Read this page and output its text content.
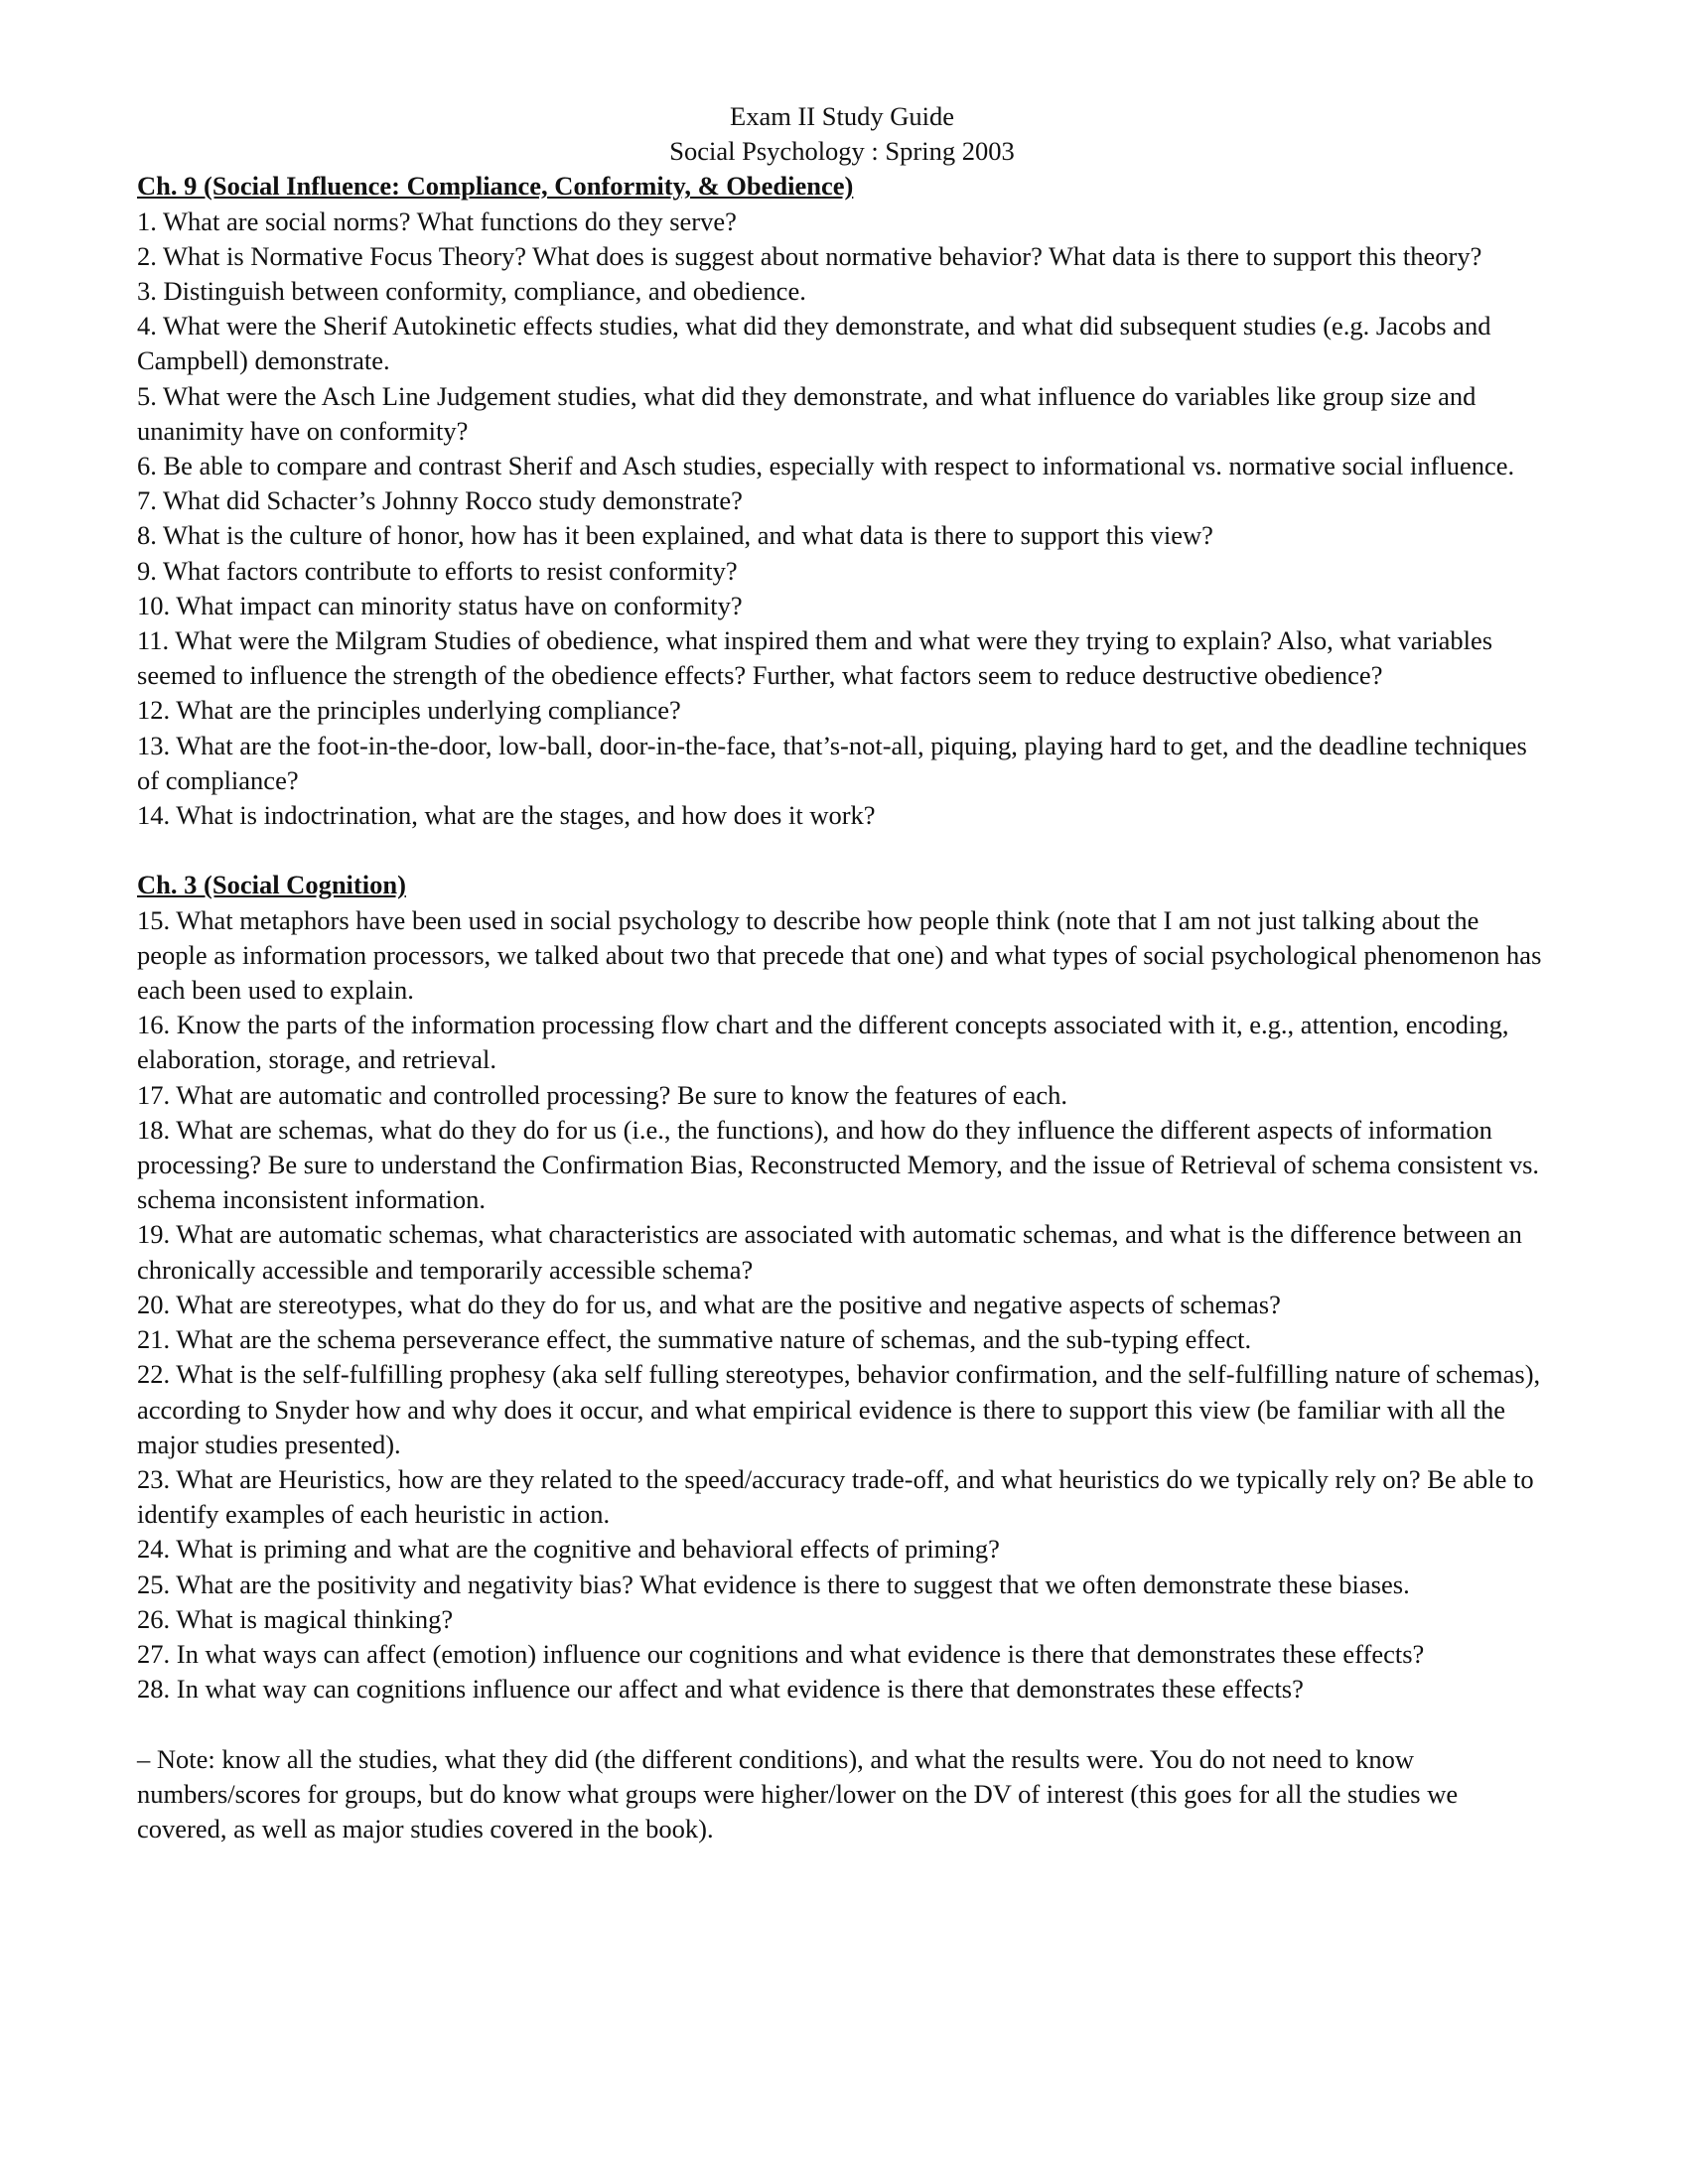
Exam II Study Guide
Social Psychology : Spring 2003
Ch. 9 (Social Influence: Compliance, Conformity, & Obedience)
1. What are social norms? What functions do they serve?
2. What is Normative Focus Theory? What does is suggest about normative behavior? What data is there to support this theory?
3. Distinguish between conformity, compliance, and obedience.
4. What were the Sherif Autokinetic effects studies, what did they demonstrate, and what did subsequent studies (e.g. Jacobs and Campbell) demonstrate.
5. What were the Asch Line Judgement studies, what did they demonstrate, and what influence do variables like group size and unanimity have on conformity?
6. Be able to compare and contrast Sherif and Asch studies, especially with respect to informational vs. normative social influence.
7. What did Schacter’s Johnny Rocco study demonstrate?
8. What is the culture of honor, how has it been explained, and what data is there to support this view?
9. What factors contribute to efforts to resist conformity?
10. What impact can minority status have on conformity?
11. What were the Milgram Studies of obedience, what inspired them and what were they trying to explain? Also, what variables seemed to influence the strength of the obedience effects? Further, what factors seem to reduce destructive obedience?
12. What are the principles underlying compliance?
13. What are the foot-in-the-door, low-ball, door-in-the-face, that’s-not-all, piquing, playing hard to get, and the deadline techniques of compliance?
14. What is indoctrination, what are the stages, and how does it work?
Ch. 3 (Social Cognition)
15. What metaphors have been used in social psychology to describe how people think (note that I am not just talking about the people as information processors, we talked about two that precede that one) and what types of social psychological phenomenon has each been used to explain.
16. Know the parts of the information processing flow chart and the different concepts associated with it, e.g., attention, encoding, elaboration, storage, and retrieval.
17. What are automatic and controlled processing? Be sure to know the features of each.
18. What are schemas, what do they do for us (i.e., the functions), and how do they influence the different aspects of information processing? Be sure to understand the Confirmation Bias, Reconstructed Memory, and the issue of Retrieval of schema consistent vs. schema inconsistent information.
19. What are automatic schemas, what characteristics are associated with automatic schemas, and what is the difference between an chronically accessible and temporarily accessible schema?
20. What are stereotypes, what do they do for us, and what are the positive and negative aspects of schemas?
21. What are the schema perseverance effect, the summative nature of schemas, and the sub-typing effect.
22. What is the self-fulfilling prophesy (aka self fulling stereotypes, behavior confirmation, and the self-fulfilling nature of schemas), according to Snyder how and why does it occur, and what empirical evidence is there to support this view (be familiar with all the major studies presented).
23. What are Heuristics, how are they related to the speed/accuracy trade-off, and what heuristics do we typically rely on? Be able to identify examples of each heuristic in action.
24. What is priming and what are the cognitive and behavioral effects of priming?
25. What are the positivity and negativity bias? What evidence is there to suggest that we often demonstrate these biases.
26. What is magical thinking?
27. In what ways can affect (emotion) influence our cognitions and what evidence is there that demonstrates these effects?
28. In what way can cognitions influence our affect and what evidence is there that demonstrates these effects?
– Note: know all the studies, what they did (the different conditions), and what the results were. You do not need to know numbers/scores for groups, but do know what groups were higher/lower on the DV of interest (this goes for all the studies we covered, as well as major studies covered in the book).
